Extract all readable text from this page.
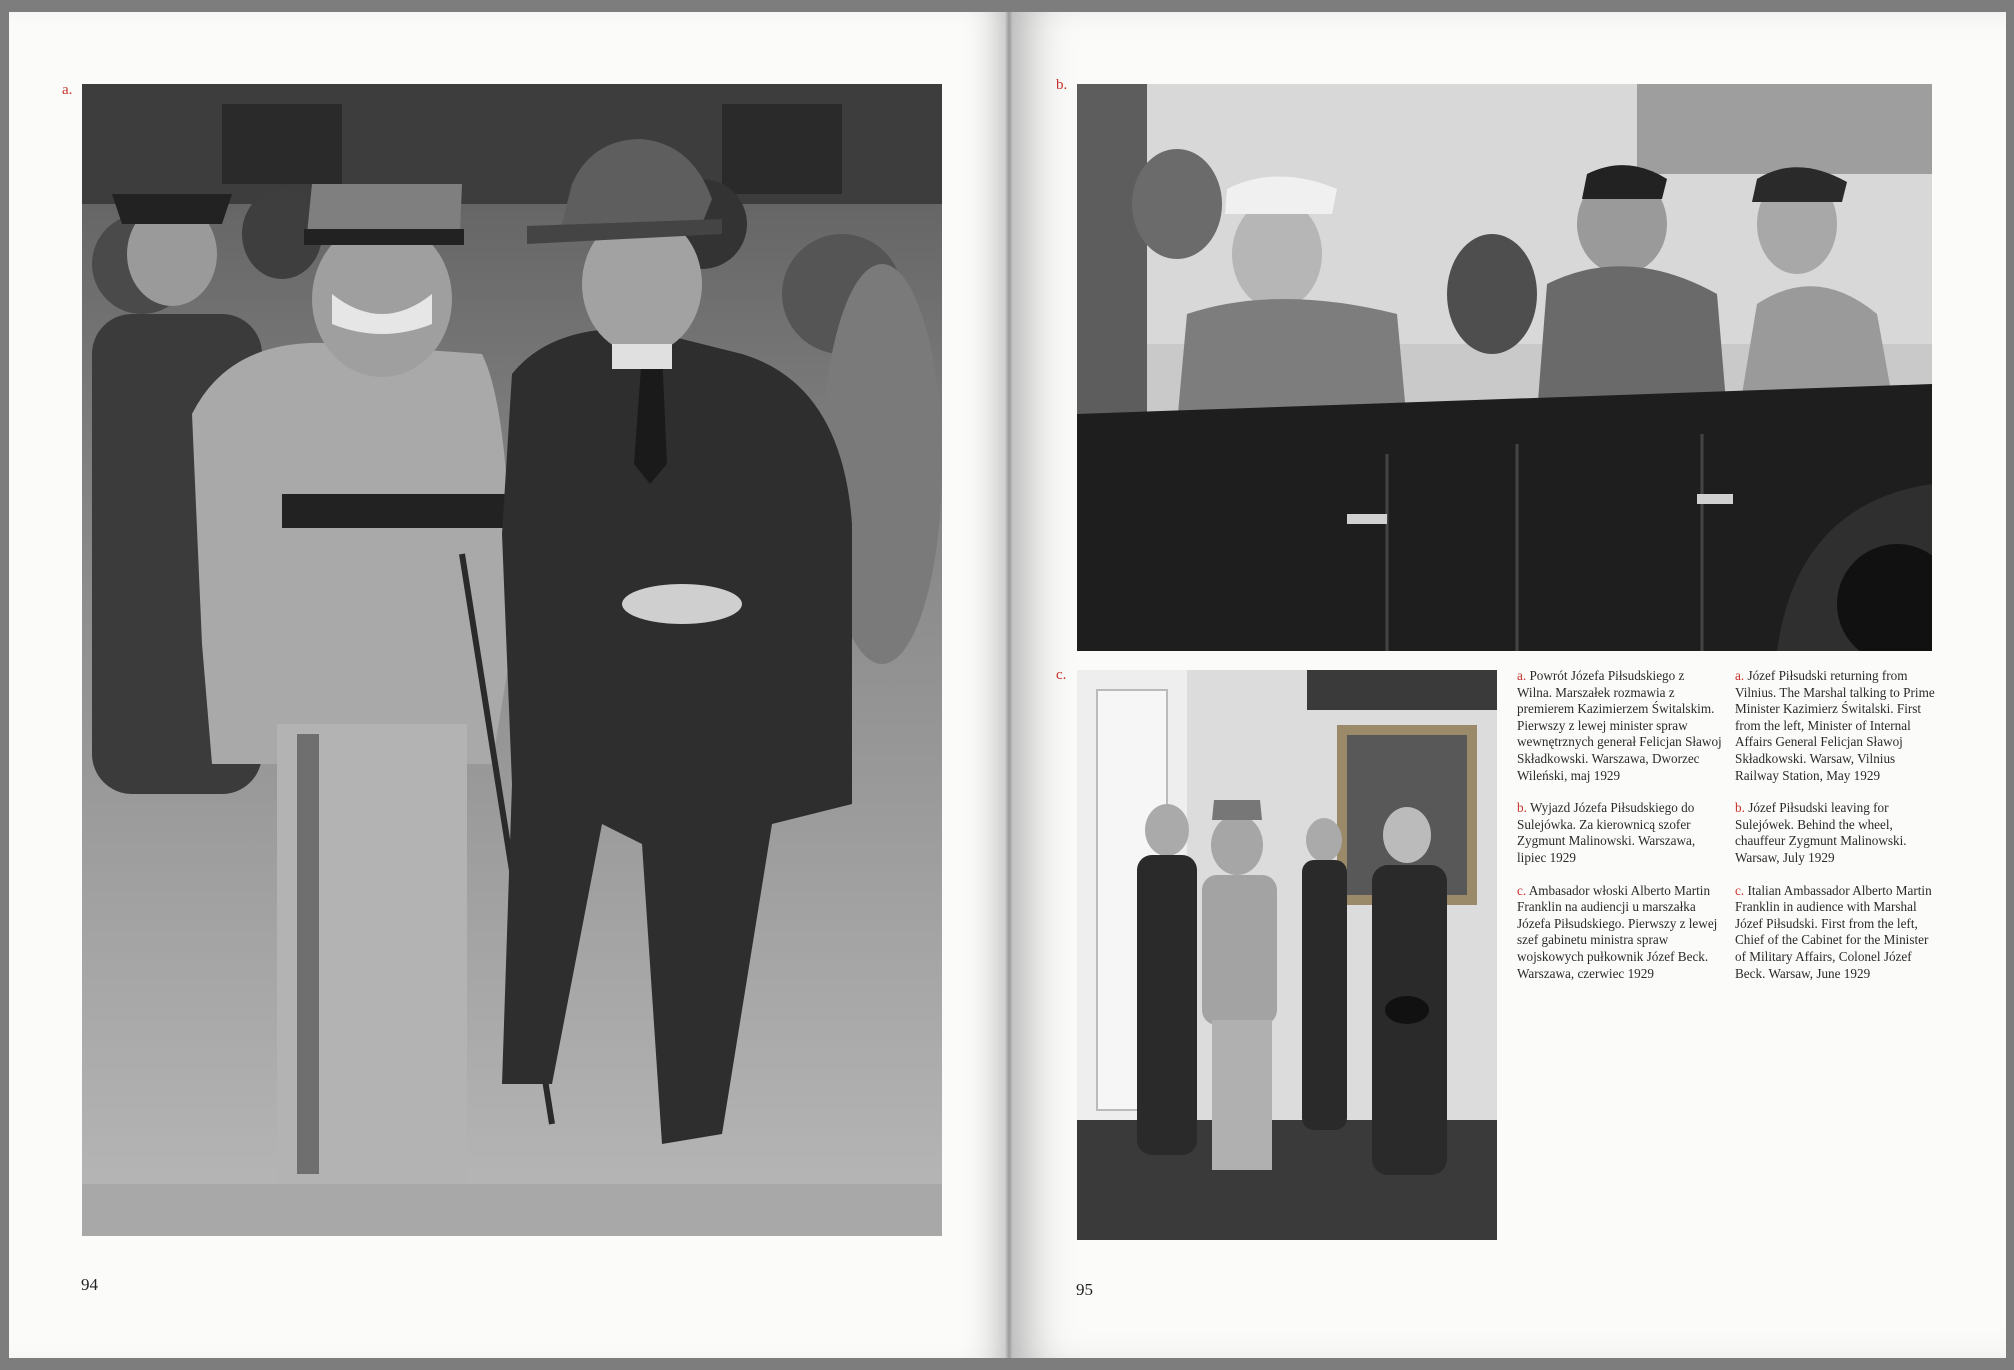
a.
94
b.
c.	a. Powrót Józefa Piłsudskiego z Wilna. Marszałek rozmawia z premierem Kazimierzem Świtalskim. Pierwszy z lewej minister spraw wewnętrznych generał Felicjan Sławoj Składkowski. Warszawa, Dworzec Wileński, maj 1929

b. Wyjazd Józefa Piłsudskiego do Sulejówka. Za kierownicą szofer Zygmunt Malinowski. Warszawa, lipiec 1929

c. Ambasador włoski Alberto Martin Franklin na audiencji u marszałka Józefa Piłsudskiego. Pierwszy z lewej szef gabinetu ministra spraw wojskowych pułkownik Józef Beck. Warszawa, czerwiec 1929

a. Józef Piłsudski returning from Vilnius. The Marshal talking to Prime Minister Kazimierz Świtalski. First from the left, Minister of Internal Affairs General Felicjan Sławoj Składkowski. Warsaw, Vilnius Railway Station, May 1929

b. Józef Piłsudski leaving for Sulejówek. Behind the wheel, chauffeur Zygmunt Malinowski. Warsaw, July 1929

c. Italian Ambassador Alberto Martin Franklin in audience with Marshal Józef Piłsudski. First from the left, Chief of the Cabinet for the Minister of Military Affairs, Colonel Józef Beck. Warsaw, June 1929

95
